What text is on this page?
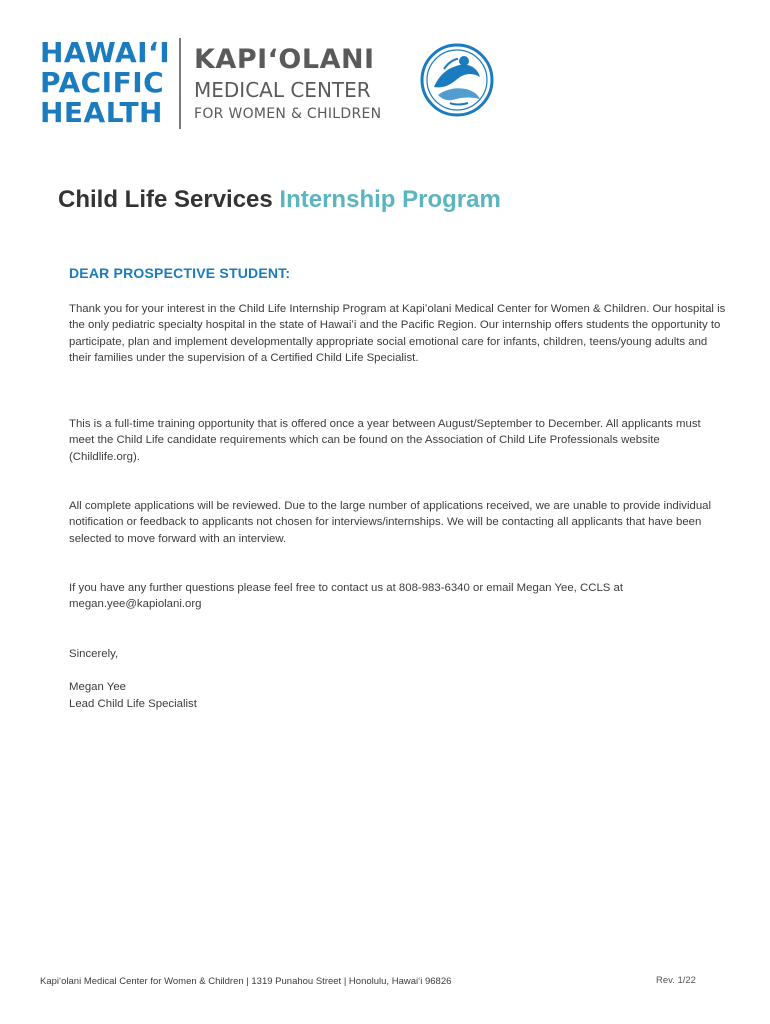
HAWAIʻI
PACIFIC
HEALTH
KAPIʻOLANI
MEDICAL CENTER
FOR WOMEN & CHILDREN
Child Life Services Internship Program
DEAR PROSPECTIVE STUDENT:

Thank you for your interest in the Child Life Internship Program at Kapiʻolani Medical Center for Women & Children. Our hospital is the only pediatric specialty hospital in the state of Hawaiʻi and the Pacific Region. Our internship offers students the opportunity to participate, plan and implement developmentally appropriate social emotional care for infants, children, teens/young adults and their families under the supervision of a Certified Child Life Specialist.

This is a full-time training opportunity that is offered once a year between August/September to December. All applicants must meet the Child Life candidate requirements which can be found on the Association of Child Life Professionals website (Childlife.org).

All complete applications will be reviewed. Due to the large number of applications received, we are unable to provide individual notification or feedback to applicants not chosen for interviews/internships. We will be contacting all applicants that have been selected to move forward with an interview.

If you have any further questions please feel free to contact us at 808-983-6340 or email Megan Yee, CCLS at megan.yee@kapiolani.org

Sincerely,

Megan Yee

Lead Child Life Specialist

Kapiʻolani Medical Center for Women & Children | 1319 Punahou Street | Honolulu, Hawaiʻi 96826	Rev. 1/22
